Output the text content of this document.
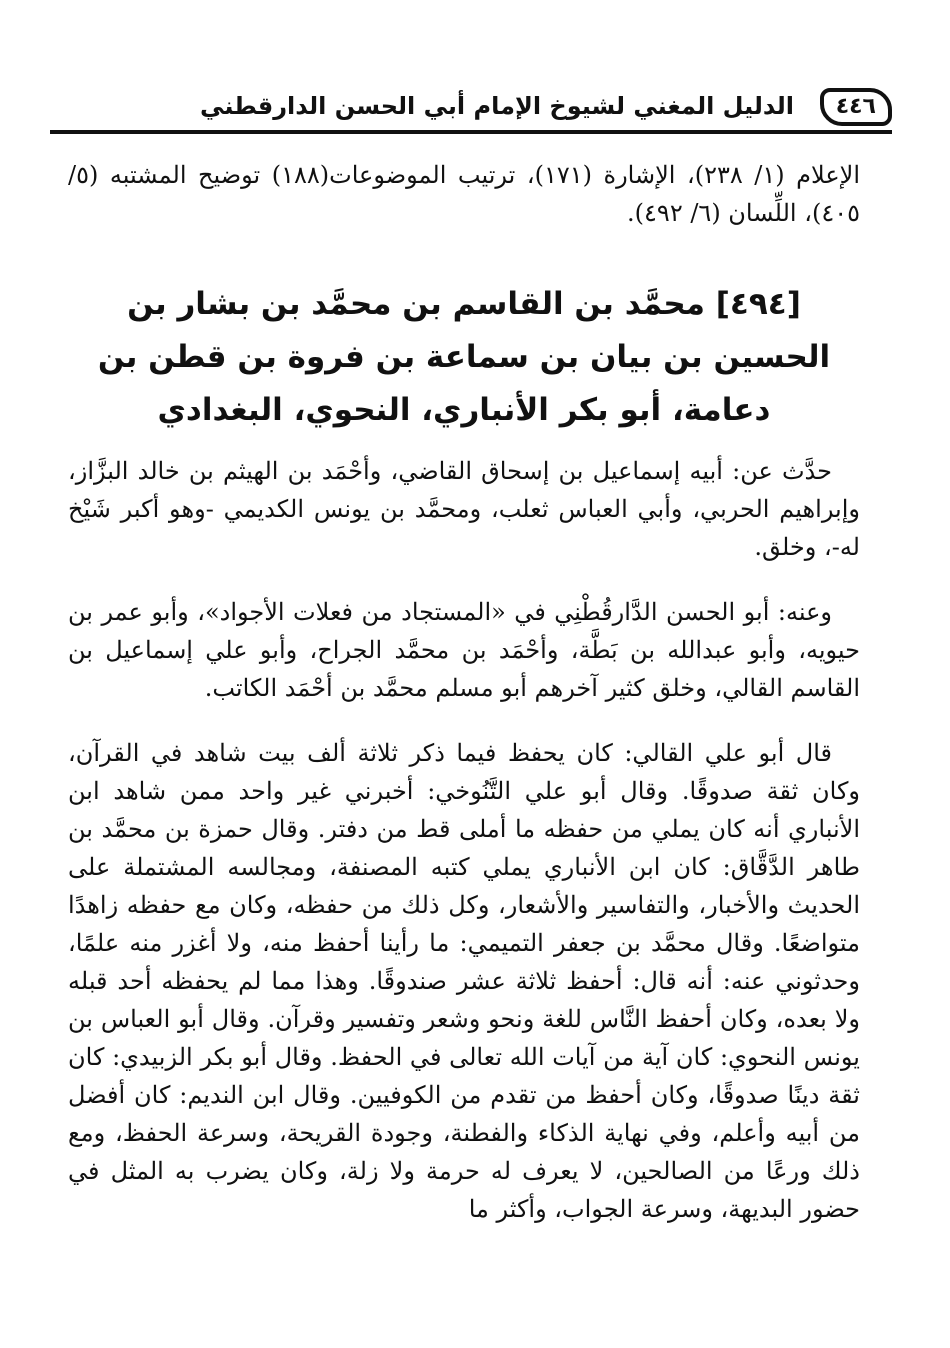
٤٤٦
الدليل المغني لشيوخ الإمام أبي الحسن الدارقطني
الإعلام (١/ ٢٣٨)، الإشارة (١٧١)، ترتيب الموضوعات(١٨٨) توضيح المشتبه (٥/ ٤٠٥)، اللِّسان (٦/ ٤٩٢).
[٤٩٤] محمَّد بن القاسم بن محمَّد بن بشار بن الحسين بن بيان بن سماعة بن فروة بن قطن بن دعامة، أبو بكر الأنباري، النحوي، البغدادي

حدَّث عن: أبيه إسماعيل بن إسحاق القاضي، وأحْمَد بن الهيثم بن خالد البزَّاز، وإبراهيم الحربي، وأبي العباس ثعلب، ومحمَّد بن يونس الكديمي -وهو أكبر شَيْخ له-، وخلق.

وعنه: أبو الحسن الدَّارقُطْنِي في «المستجاد من فعلات الأجواد»، وأبو عمر بن حيويه، وأبو عبدالله بن بَطَّة، وأحْمَد بن محمَّد الجراح، وأبو علي إسماعيل بن القاسم القالي، وخلق كثير آخرهم أبو مسلم محمَّد بن أحْمَد الكاتب.

قال أبو علي القالي: كان يحفظ فيما ذكر ثلاثة ألف بيت شاهد في القرآن، وكان ثقة صدوقًا. وقال أبو علي التَّنُوخي: أخبرني غير واحد ممن شاهد ابن الأنباري أنه كان يملي من حفظه ما أملى قط من دفتر. وقال حمزة بن محمَّد بن طاهر الدَّقَّاق: كان ابن الأنباري يملي كتبه المصنفة، ومجالسه المشتملة على الحديث والأخبار، والتفاسير والأشعار، وكل ذلك من حفظه، وكان مع حفظه زاهدًا متواضعًا. وقال محمَّد بن جعفر التميمي: ما رأينا أحفظ منه، ولا أغزر منه علمًا، وحدثوني عنه: أنه قال: أحفظ ثلاثة عشر صندوقًا. وهذا مما لم يحفظه أحد قبله ولا بعده، وكان أحفظ النَّاس للغة ونحو وشعر وتفسير وقرآن. وقال أبو العباس بن يونس النحوي: كان آية من آيات الله تعالى في الحفظ. وقال أبو بكر الزبيدي: كان ثقة دينًا صدوقًا، وكان أحفظ من تقدم من الكوفيين. وقال ابن النديم: كان أفضل من أبيه وأعلم، وفي نهاية الذكاء والفطنة، وجودة القريحة، وسرعة الحفظ، ومع ذلك ورعًا من الصالحين، لا يعرف له حرمة ولا زلة، وكان يضرب به المثل في حضور البديهة، وسرعة الجواب، وأكثر ما
